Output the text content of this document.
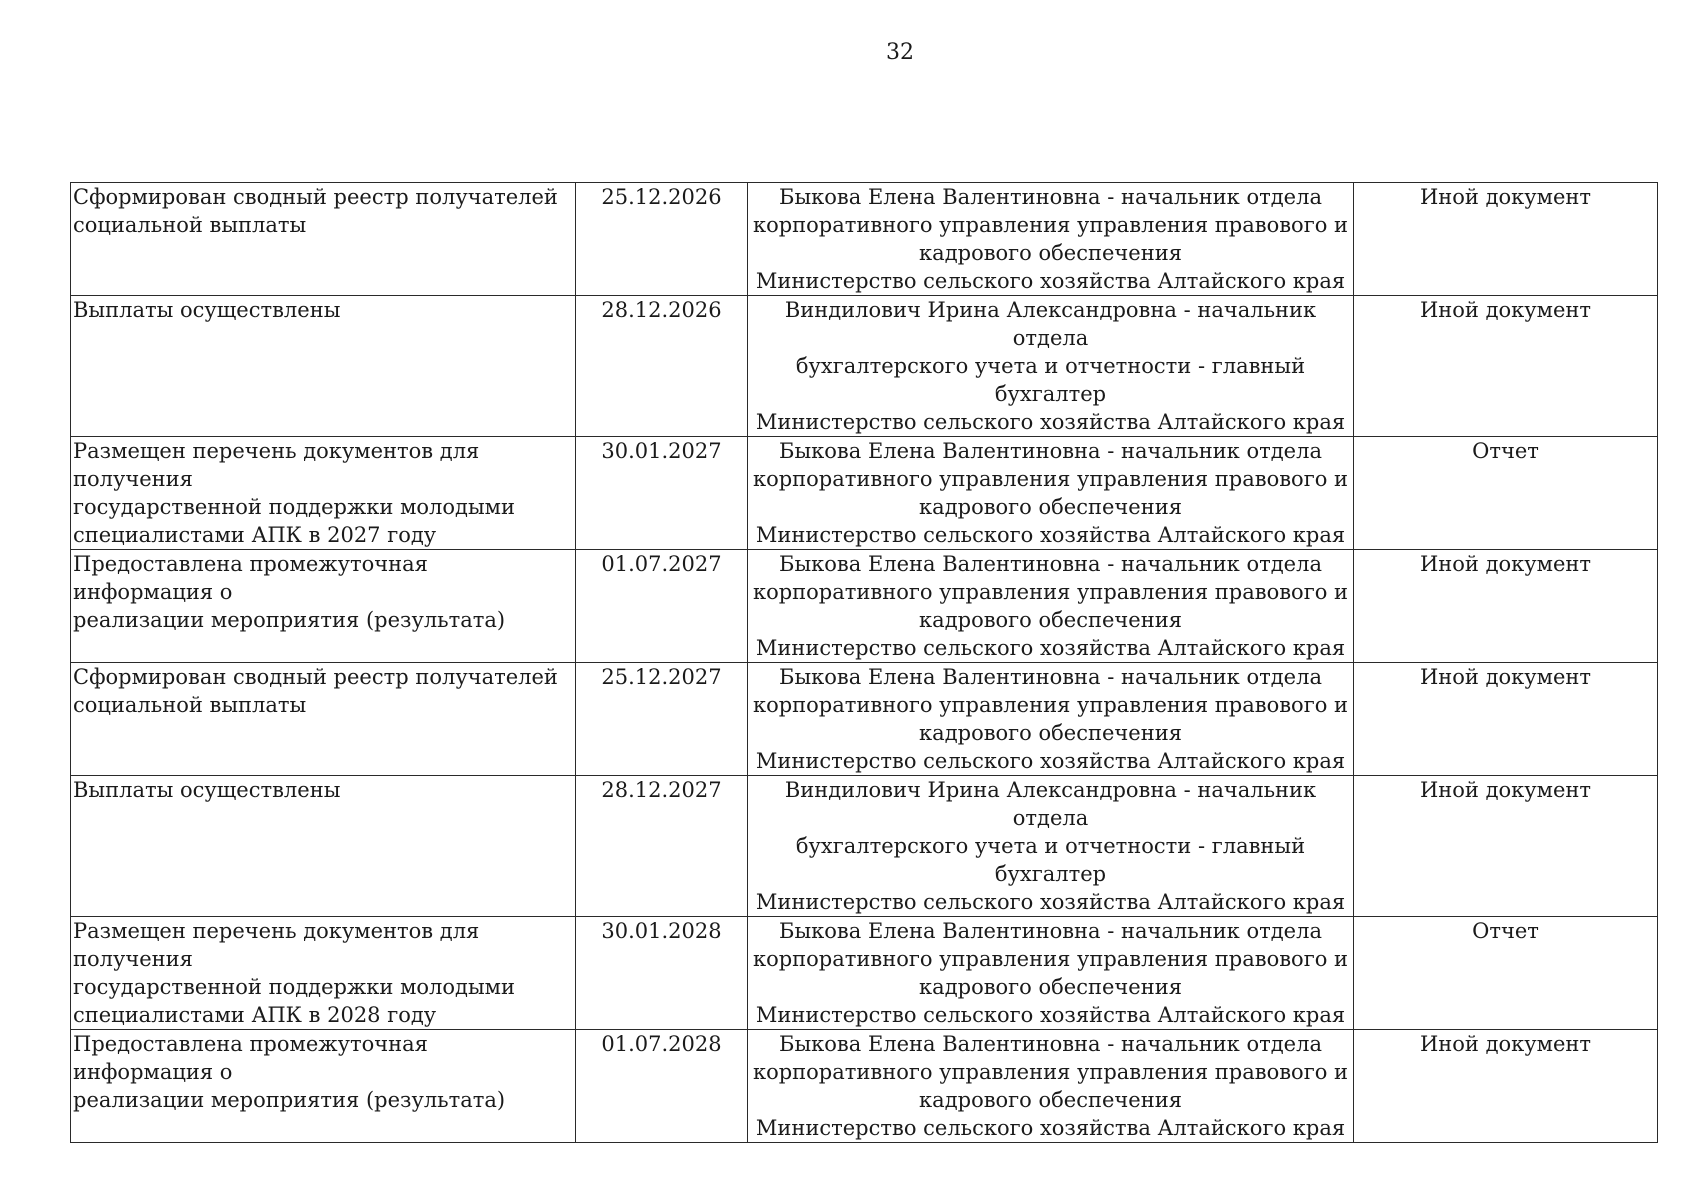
32
Сформирован сводный реестр получателей
социальной выплаты	25.12.2026	Быкова Елена Валентиновна - начальник отдела
корпоративного управления управления правового и
кадрового обеспечения
Министерство сельского хозяйства Алтайского края	Иной документ

Выплаты осуществлены	28.12.2026	Виндилович Ирина Александровна - начальник отдела
бухгалтерского учета и отчетности - главный бухгалтер
Министерство сельского хозяйства Алтайского края	Иной документ

Размещен перечень документов для получения
государственной поддержки молодыми
специалистами АПК в 2027 году	30.01.2027	Быкова Елена Валентиновна - начальник отдела
корпоративного управления управления правового и
кадрового обеспечения
Министерство сельского хозяйства Алтайского края	Отчет

Предоставлена промежуточная информация о
реализации мероприятия (результата)	01.07.2027	Быкова Елена Валентиновна - начальник отдела
корпоративного управления управления правового и
кадрового обеспечения
Министерство сельского хозяйства Алтайского края	Иной документ

Сформирован сводный реестр получателей
социальной выплаты	25.12.2027	Быкова Елена Валентиновна - начальник отдела
корпоративного управления управления правового и
кадрового обеспечения
Министерство сельского хозяйства Алтайского края	Иной документ

Выплаты осуществлены	28.12.2027	Виндилович Ирина Александровна - начальник отдела
бухгалтерского учета и отчетности - главный бухгалтер
Министерство сельского хозяйства Алтайского края	Иной документ

Размещен перечень документов для получения
государственной поддержки молодыми
специалистами АПК в 2028 году	30.01.2028	Быкова Елена Валентиновна - начальник отдела
корпоративного управления управления правового и
кадрового обеспечения
Министерство сельского хозяйства Алтайского края	Отчет

Предоставлена промежуточная информация о
реализации мероприятия (результата)	01.07.2028	Быкова Елена Валентиновна - начальник отдела
корпоративного управления управления правового и
кадрового обеспечения
Министерство сельского хозяйства Алтайского края	Иной документ
